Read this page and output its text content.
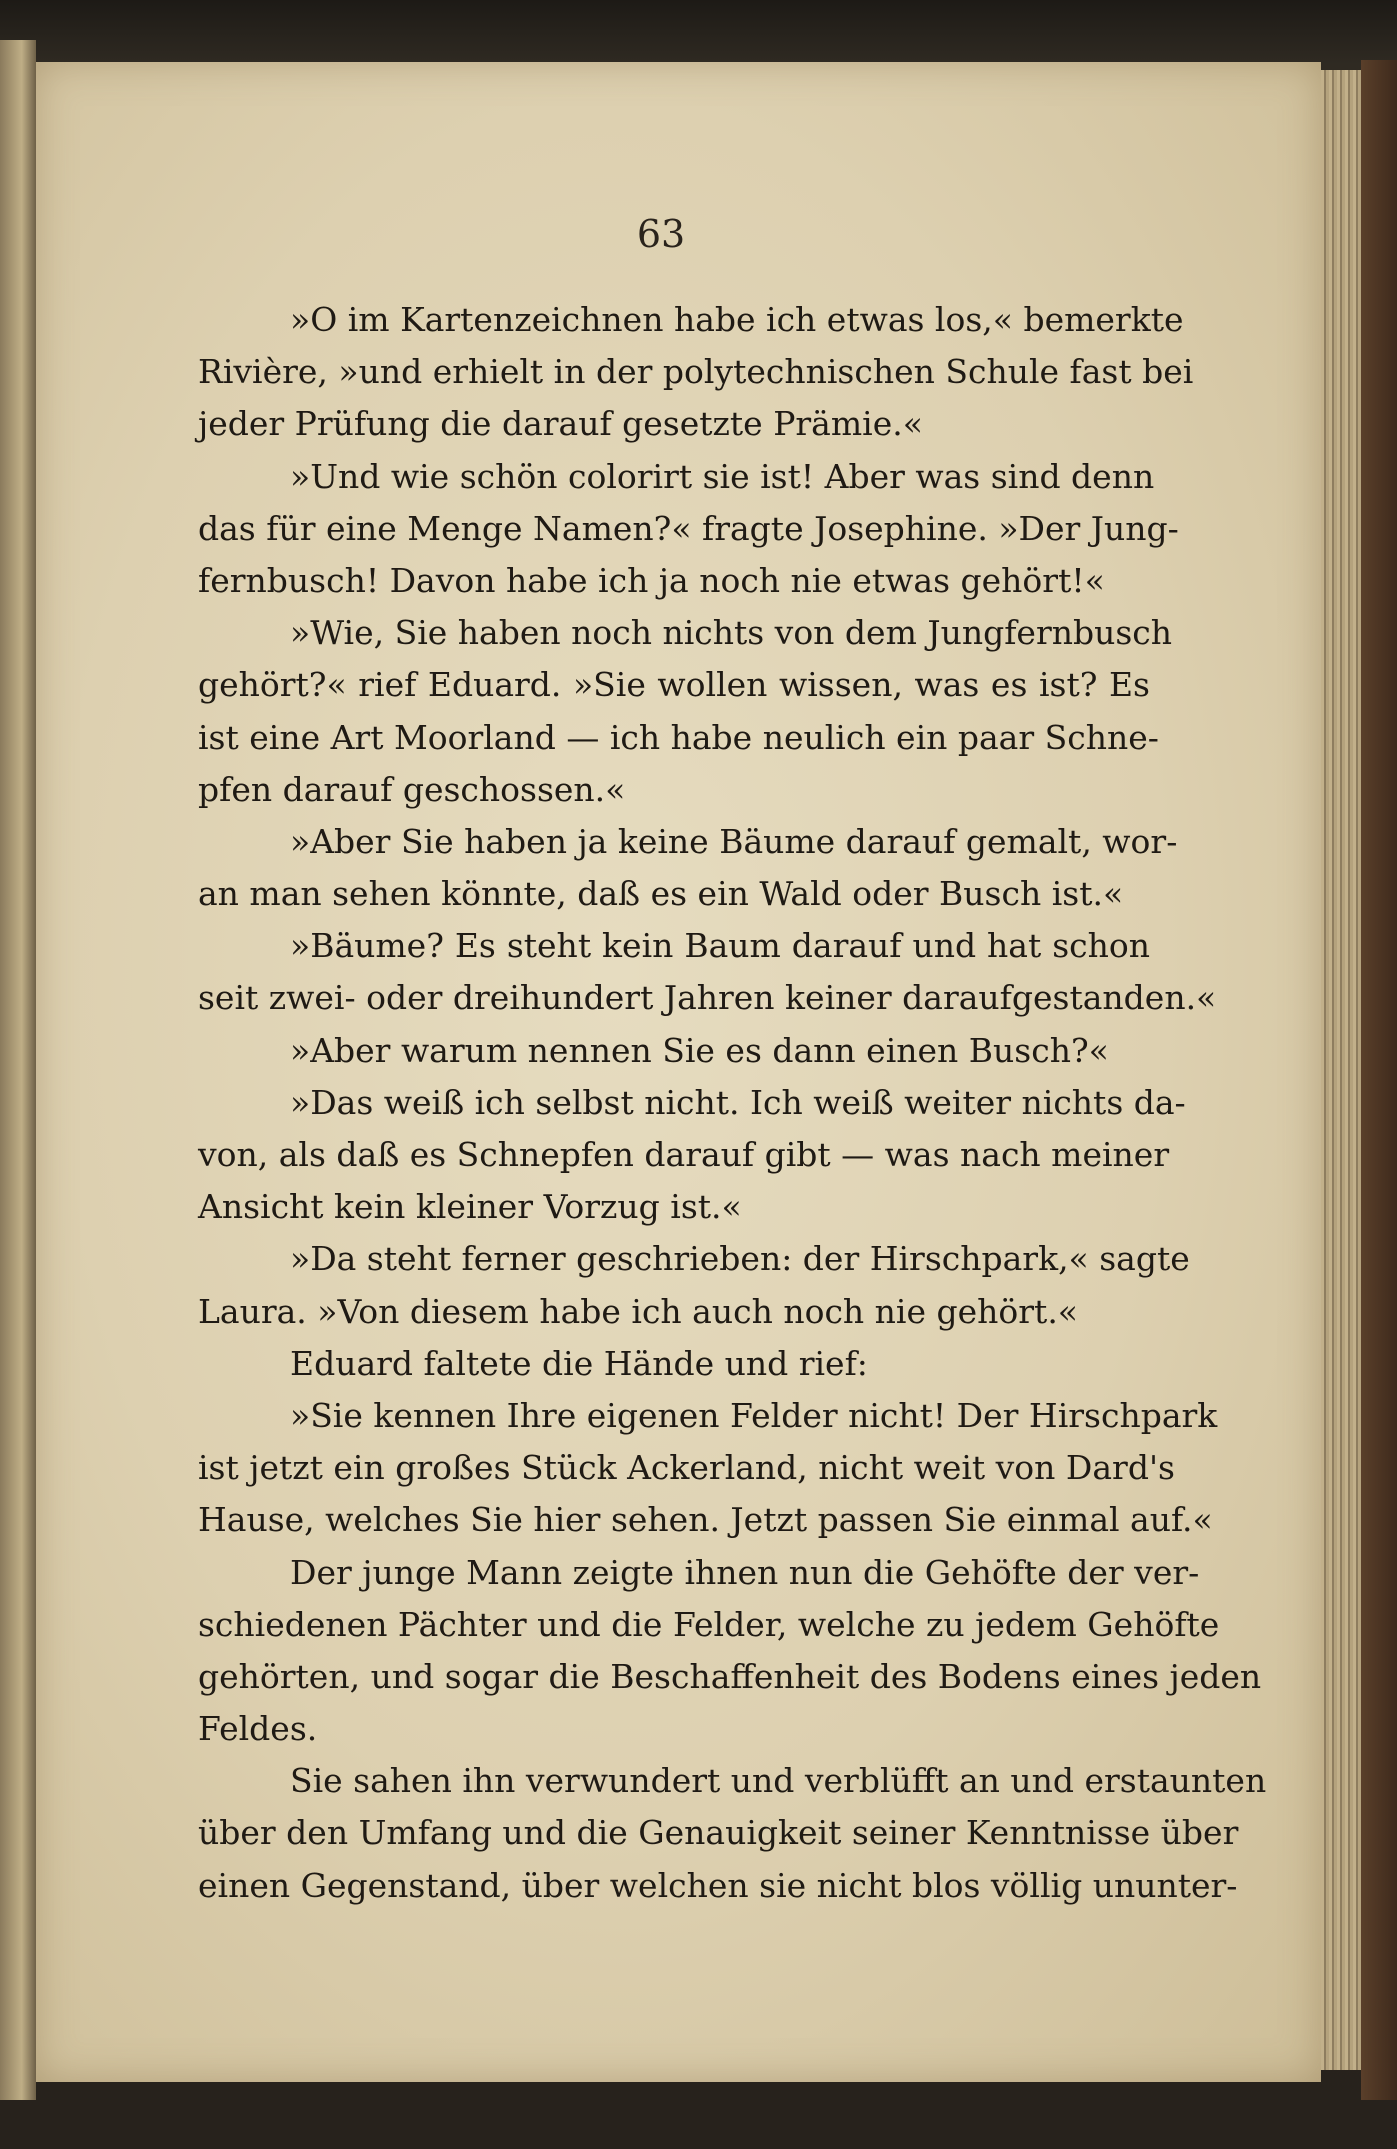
63
»O im Kartenzeichnen habe ich etwas los,« bemerkte
Rivière, »und erhielt in der polytechnischen Schule fast bei
jeder Prüfung die darauf gesetzte Prämie.«
»Und wie schön colorirt sie ist! Aber was sind denn
das für eine Menge Namen?« fragte Josephine. »Der Jung-
fernbusch! Davon habe ich ja noch nie etwas gehört!«
»Wie, Sie haben noch nichts von dem Jungfernbusch
gehört?« rief Eduard. »Sie wollen wissen, was es ist? Es
ist eine Art Moorland — ich habe neulich ein paar Schne-
pfen darauf geschossen.«
»Aber Sie haben ja keine Bäume darauf gemalt, wor-
an man sehen könnte, daß es ein Wald oder Busch ist.«
»Bäume? Es steht kein Baum darauf und hat schon
seit zwei- oder dreihundert Jahren keiner daraufgestanden.«
»Aber warum nennen Sie es dann einen Busch?«
»Das weiß ich selbst nicht. Ich weiß weiter nichts da-
von, als daß es Schnepfen darauf gibt — was nach meiner
Ansicht kein kleiner Vorzug ist.«
»Da steht ferner geschrieben: der Hirschpark,« sagte
Laura. »Von diesem habe ich auch noch nie gehört.«
Eduard faltete die Hände und rief:
»Sie kennen Ihre eigenen Felder nicht! Der Hirschpark
ist jetzt ein großes Stück Ackerland, nicht weit von Dard's
Hause, welches Sie hier sehen. Jetzt passen Sie einmal auf.«
Der junge Mann zeigte ihnen nun die Gehöfte der ver-
schiedenen Pächter und die Felder, welche zu jedem Gehöfte
gehörten, und sogar die Beschaffenheit des Bodens eines jeden
Feldes.
Sie sahen ihn verwundert und verblüfft an und erstaunten
über den Umfang und die Genauigkeit seiner Kenntnisse über
einen Gegenstand, über welchen sie nicht blos völlig ununter-
